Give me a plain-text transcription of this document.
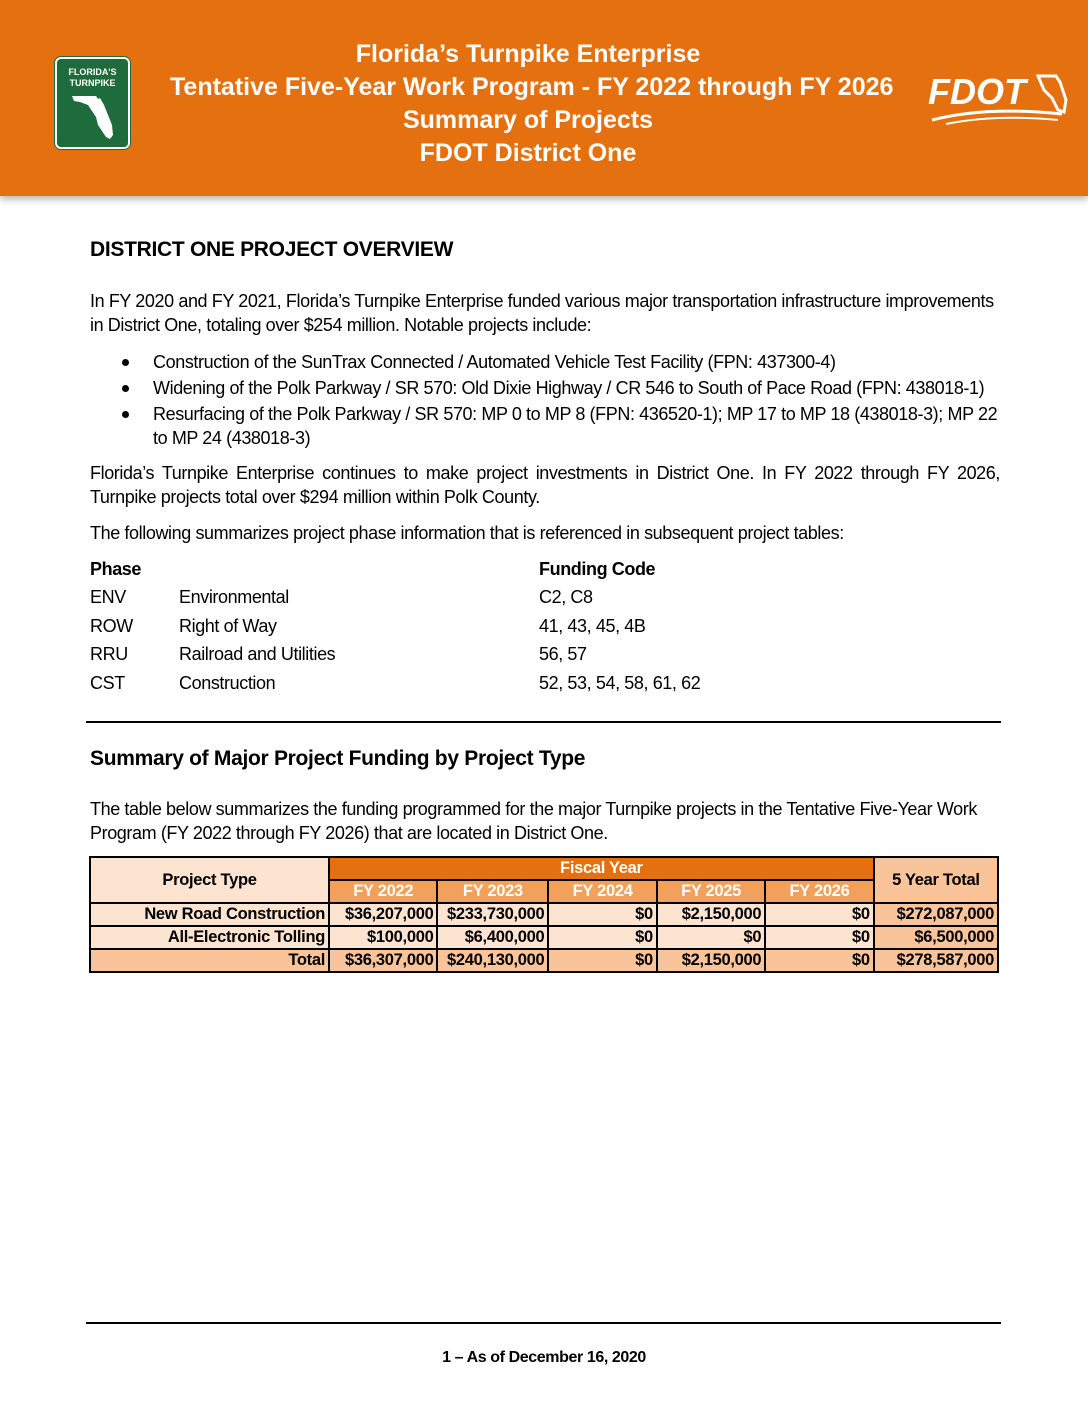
FLORIDA'S
TURNPIKE
Florida’s Turnpike Enterprise
Tentative Five-Year Work Program - FY 2022 through FY 2026
Summary of Projects
FDOT District One
FDOT
DISTRICT ONE PROJECT OVERVIEW

In FY 2020 and FY 2021, Florida’s Turnpike Enterprise funded various major transportation infrastructure improvements in District One, totaling over $254 million. Notable projects include:

Construction of the SunTrax Connected / Automated Vehicle Test Facility (FPN: 437300-4)
Widening of the Polk Parkway / SR 570: Old Dixie Highway / CR 546 to South of Pace Road (FPN: 438018-1)
Resurfacing of the Polk Parkway / SR 570: MP 0 to MP 8 (FPN: 436520-1); MP 17 to MP 18 (438018-3); MP 22 to MP 24 (438018-3)

Florida’s Turnpike Enterprise continues to make project investments in District One. In FY 2022 through FY 2026, Turnpike projects total over $294 million within Polk County.

The following summarizes project phase information that is referenced in subsequent project tables:

Phase		Funding Code
ENV	Environmental	C2, C8
ROW	Right of Way	41, 43, 45, 4B
RRU	Railroad and Utilities	56, 57
CST	Construction	52, 53, 54, 58, 61, 62
Summary of Major Project Funding by Project Type

The table below summarizes the funding programmed for the major Turnpike projects in the Tentative Five-Year Work Program (FY 2022 through FY 2026) that are located in District One.

Project Type	Fiscal Year					5 Year Total
	FY 2022	FY 2023	FY 2024	FY 2025	FY 2026	
New Road Construction	$36,207,000	$233,730,000	$0	$2,150,000	$0	$272,087,000
All-Electronic Tolling	$100,000	$6,400,000	$0	$0	$0	$6,500,000
Total	$36,307,000	$240,130,000	$0	$2,150,000	$0	$278,587,000
1 – As of December 16, 2020
